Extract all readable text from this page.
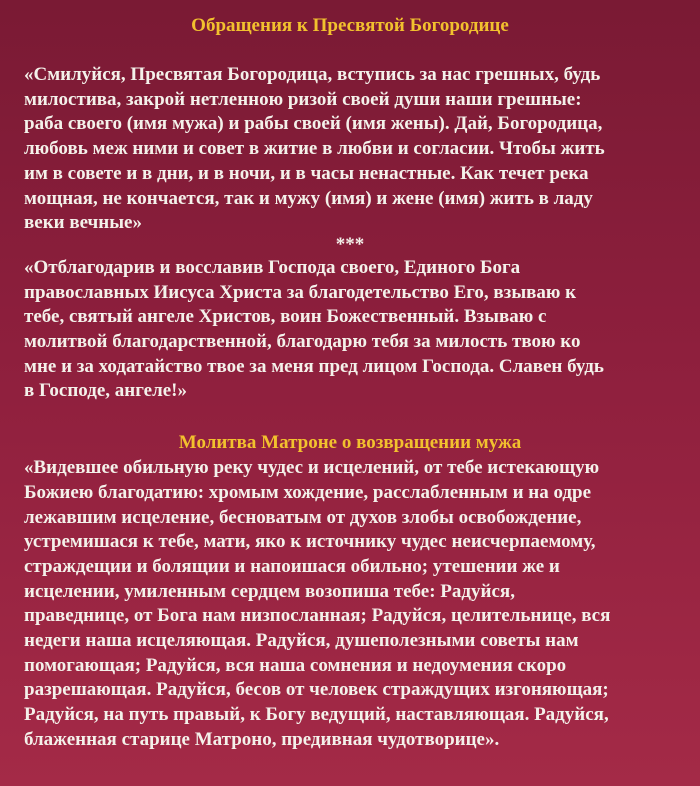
Обращения к Пресвятой Богородице
«Смилуйся, Пресвятая Богородица, вступись за нас грешных, будь
милостива, закрой нетленною ризой своей души наши грешные:
раба своего (имя мужа) и рабы своей (имя жены). Дай, Богородица,
любовь меж ними и совет в житие в любви и согласии. Чтобы жить
им в совете и в дни, и в ночи, и в часы ненастные. Как течет река
мощная, не кончается, так и мужу (имя) и жене (имя) жить в ладу
веки вечные»
***
«Отблагодарив и восславив Господа своего, Единого Бога
православных Иисуса Христа за благодетельство Его, взываю к
тебе, святый ангеле Христов, воин Божественный. Взываю с
молитвой благодарственной, благодарю тебя за милость твою ко
мне и за ходатайство твое за меня пред лицом Господа. Славен будь
в Господе, ангеле!»
Молитва Матроне о возвращении мужа
«Видевшее обильную реку чудес и исцелений, от тебе истекающую
Божиею благодатию: хромым хождение, расслабленным и на одре
лежавшим исцеление, бесноватым от духов злобы освобождение,
устремишася к тебе, мати, яко к источнику чудес неисчерпаемому,
страждещии и болящии и напоишася обильно; утешении же и
исцелении, умиленным сердцем возопиша тебе: Радуйся,
праведнице, от Бога нам низпосланная; Радуйся, целительнице, вся
недеги наша исцеляющая. Радуйся, душеполезными советы нам
помогающая; Радуйся, вся наша сомнения и недоумения скоро
разрешающая. Радуйся, бесов от человек страждущих изгоняющая;
Радуйся, на путь правый, к Богу ведущий, наставляющая. Радуйся,
блаженная старице Матроно, предивная чудотворице».
